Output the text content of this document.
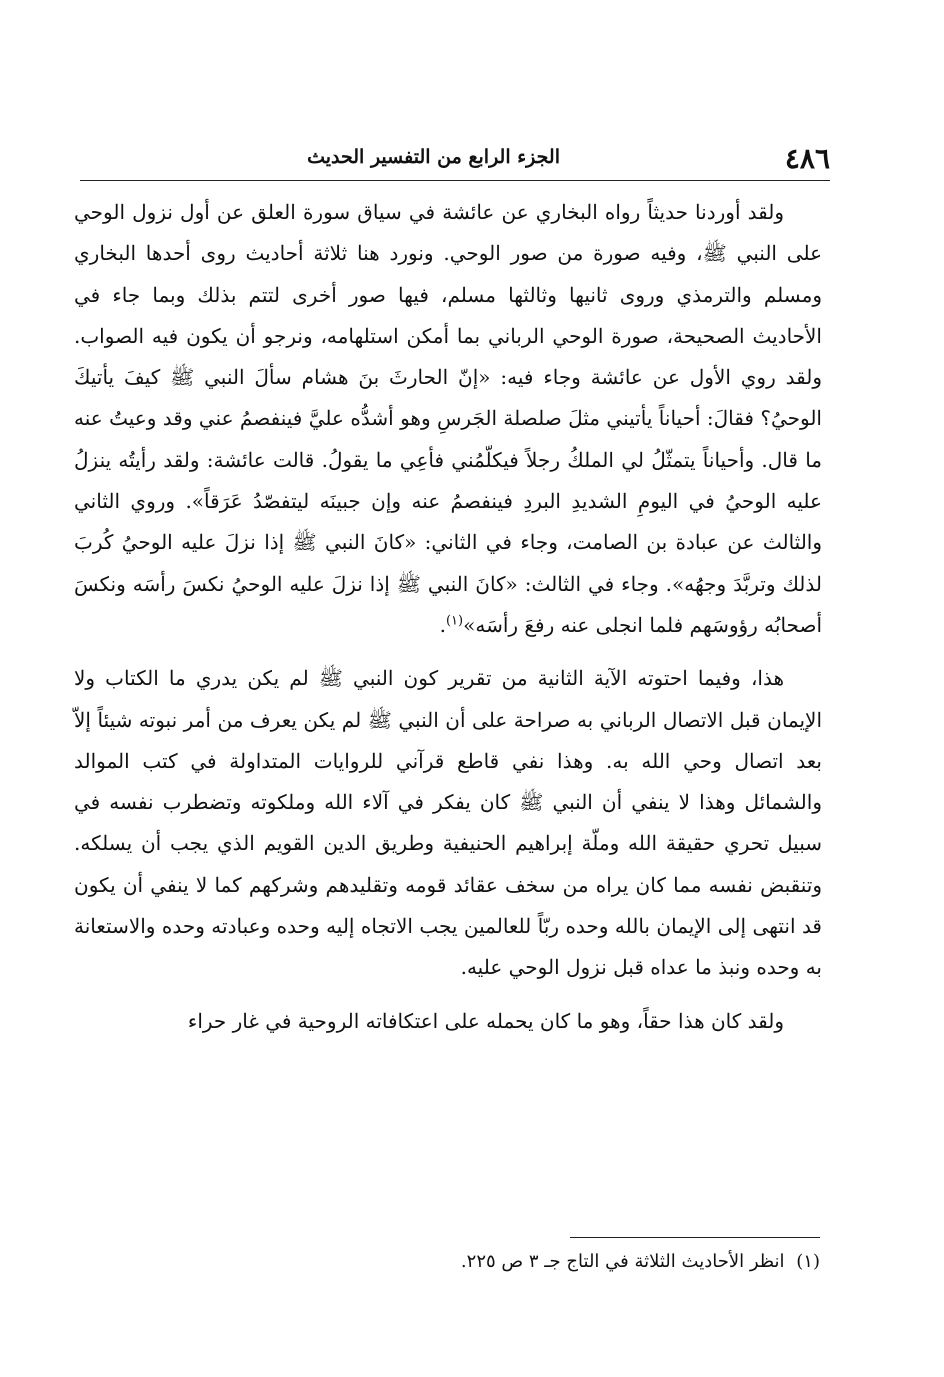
٤٨٦
الجزء الرابع من التفسير الحديث

ولقد أوردنا حديثاً رواه البخاري عن عائشة في سياق سورة العلق عن أول نزول الوحي على النبي ﷺ، وفيه صورة من صور الوحي. ونورد هنا ثلاثة أحاديث روى أحدها البخاري ومسلم والترمذي وروى ثانيها وثالثها مسلم، فيها صور أخرى لتتم بذلك وبما جاء في الأحاديث الصحيحة، صورة الوحي الرباني بما أمكن استلهامه، ونرجو أن يكون فيه الصواب. ولقد روي الأول عن عائشة وجاء فيه: «إنّ الحارثَ بنَ هشام سألَ النبي ﷺ كيفَ يأتيكَ الوحيُ؟ فقالَ: أحياناً يأتيني مثلَ صلصلة الجَرسِ وهو أشدُّه عليَّ فينفصمُ عني وقد وعيتُ عنه ما قال. وأحياناً يتمثّلُ لي الملكُ رجلاً فيكلّمُني فأعِي ما يقولُ. قالت عائشة: ولقد رأيتُه ينزلُ عليه الوحيُ في اليومِ الشديدِ البردِ فينفصمُ عنه وإن جبينَه ليتفصّدُ عَرَقاً». وروي الثاني والثالث عن عبادة بن الصامت، وجاء في الثاني: «كانَ النبي ﷺ إذا نزلَ عليه الوحيُ كُربَ لذلك وتربَّدَ وجهُه». وجاء في الثالث: «كانَ النبي ﷺ إذا نزلَ عليه الوحيُ نكسَ رأسَه ونكسَ أصحابُه رؤوسَهم فلما انجلى عنه رفعَ رأسَه»$^{(١)}$.

هذا، وفيما احتوته الآية الثانية من تقرير كون النبي ﷺ لم يكن يدري ما الكتاب ولا الإيمان قبل الاتصال الرباني به صراحة على أن النبي ﷺ لم يكن يعرف من أمر نبوته شيئاً إلاّ بعد اتصال وحي الله به. وهذا نفي قاطع قرآني للروايات المتداولة في كتب الموالد والشمائل وهذا لا ينفي أن النبي ﷺ كان يفكر في آلاء الله وملكوته وتضطرب نفسه في سبيل تحري حقيقة الله وملّة إبراهيم الحنيفية وطريق الدين القويم الذي يجب أن يسلكه. وتنقبض نفسه مما كان يراه من سخف عقائد قومه وتقليدهم وشركهم كما لا ينفي أن يكون قد انتهى إلى الإيمان بالله وحده ربّاً للعالمين يجب الاتجاه إليه وحده وعبادته وحده والاستعانة به وحده ونبذ ما عداه قبل نزول الوحي عليه.

ولقد كان هذا حقاً، وهو ما كان يحمله على اعتكافاته الروحية في غار حراء

(١) انظر الأحاديث الثلاثة في التاج جـ ٣ ص ٢٢٥.
